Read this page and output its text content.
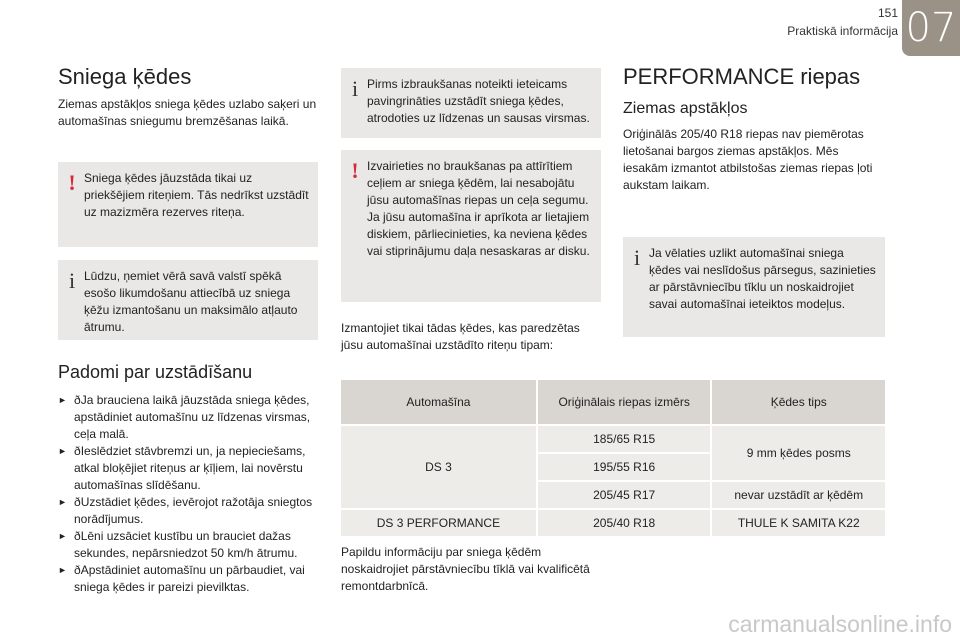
151
Praktiskā informācija 07
Sniega ķēdes

Ziemas apstākļos sniega ķēdes uzlabo saķeri un automašīnas sniegumu bremzēšanas laikā.

! Sniega ķēdes jāuzstāda tikai uz priekšējiem riteņiem. Tās nedrīkst uzstādīt uz mazizmēra rezerves riteņa.
i Lūdzu, ņemiet vērā savā valstī spēkā esošo likumdošanu attiecībā uz sniega ķēžu izmantošanu un maksimālo atļauto ātrumu.
Padomi par uzstādīšanu
ð ► Ja brauciena laikā jāuzstāda sniega ķēdes, apstādiniet automašīnu uz līdzenas virsmas, ceļa malā.
ð ► Ieslēdziet stāvbremzi un, ja nepieciešams, atkal bloķējiet riteņus ar ķīļiem, lai novērstu automašīnas slīdēšanu.
ð ► Uzstādiet ķēdes, ievērojot ražotāja sniegtos norādījumus.
ð ► Lēni uzsāciet kustību un brauciet dažas sekundes, nepārsniedzot 50 km/h ātrumu.
ð ► Apstādiniet automašīnu un pārbaudiet, vai sniega ķēdes ir pareizi pievilktas.
i Pirms izbraukšanas noteikti ieteicams pavingrināties uzstādīt sniega ķēdes, atrodoties uz līdzenas un sausas virsmas.
! Izvairieties no braukšanas pa attīrītiem ceļiem ar sniega ķēdēm, lai nesabojātu jūsu automašīnas riepas un ceļa segumu. Ja jūsu automašīna ir aprīkota ar lietajiem diskiem, pārliecinieties, ka neviena ķēdes vai stiprinājumu daļa nesaskaras ar disku.

Izmantojiet tikai tādas ķēdes, kas paredzētas jūsu automašīnai uzstādīto riteņu tipam:

Automašīna		Oriģinālais riepas izmērs		Ķēdes tips

DS 3		185/65 R15		9 mm ķēdes posms

		195/55 R16		

		205/45 R17		nevar uzstādīt ar ķēdēm

DS 3 PERFORMANCE		205/40 R18		THULE K SAMITA K22

Papildu informāciju par sniega ķēdēm noskaidrojiet pārstāvniecību tīklā vai kvalificētā remontdarbnīcā.

PERFORMANCE riepas
Ziemas apstākļos

Oriģinālās 205/40 R18 riepas nav piemērotas lietošanai bargos ziemas apstākļos. Mēs iesakām izmantot atbilstošas ziemas riepas ļoti aukstam laikam.

i Ja vēlaties uzlikt automašīnai sniega ķēdes vai neslīdošus pārsegus, sazinieties ar pārstāvniecību tīklu un noskaidrojiet savai automašīnai ieteiktos modeļus.
carmanualsonline.info
